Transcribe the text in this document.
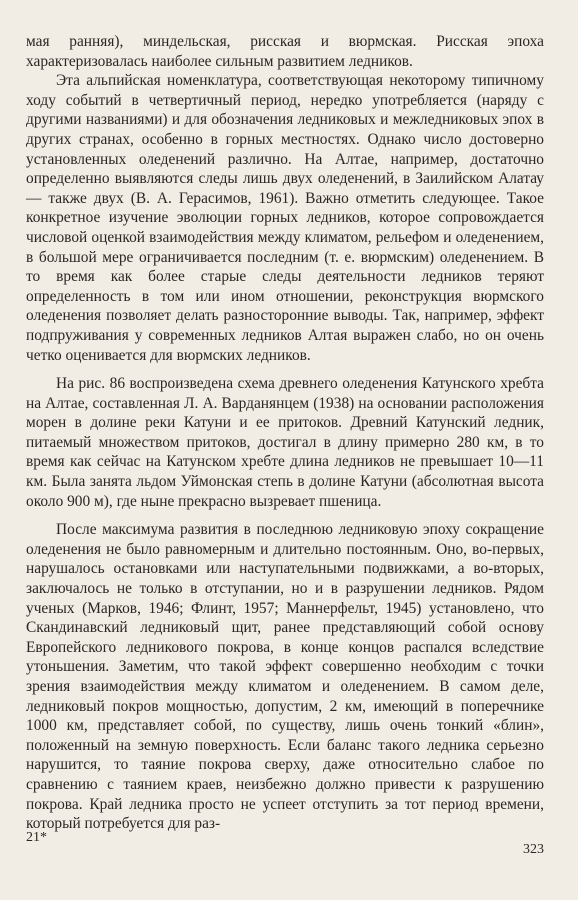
мая ранняя), миндельская, рисская и вюрмская. Рисская эпоха характеризовалась наиболее сильным развитием ледников.

Эта альпийская номенклатура, соответствующая некоторому типичному ходу событий в четвертичный период, нередко употребляется (наряду с другими названиями) и для обозначения ледниковых и межледниковых эпох в других странах, особенно в горных местностях. Однако число достоверно установленных оледенений различно. На Алтае, например, достаточно определенно выявляются следы лишь двух оледенений, в Заилийском Алатау — также двух (В. А. Герасимов, 1961). Важно отметить следующее. Такое конкретное изучение эволюции горных ледников, которое сопровождается числовой оценкой взаимодействия между климатом, рельефом и оледенением, в большой мере ограничивается последним (т. е. вюрмским) оледенением. В то время как более старые следы деятельности ледников теряют определенность в том или ином отношении, реконструкция вюрмского оледенения позволяет делать разносторонние выводы. Так, например, эффект подпруживания у современных ледников Алтая выражен слабо, но он очень четко оценивается для вюрмских ледников.

На рис. 86 воспроизведена схема древнего оледенения Катунского хребта на Алтае, составленная Л. А. Варданянцем (1938) на основании расположения морен в долине реки Катуни и ее притоков. Древний Катунский ледник, питаемый множеством притоков, достигал в длину примерно 280 км, в то время как сейчас на Катунском хребте длина ледников не превышает 10—11 км. Была занята льдом Уймонская степь в долине Катуни (абсолютная высота около 900 м), где ныне прекрасно вызревает пшеница.

После максимума развития в последнюю ледниковую эпоху сокращение оледенения не было равномерным и длительно постоянным. Оно, во-первых, нарушалось остановками или наступательными подвижками, а во-вторых, заключалось не только в отступании, но и в разрушении ледников. Рядом ученых (Марков, 1946; Флинт, 1957; Маннерфельт, 1945) установлено, что Скандинавский ледниковый щит, ранее представляющий собой основу Европейского ледникового покрова, в конце концов распался вследствие утоньшения. Заметим, что такой эффект совершенно необходим с точки зрения взаимодействия между климатом и оледенением. В самом деле, ледниковый покров мощностью, допустим, 2 км, имеющий в поперечнике 1000 км, представляет собой, по существу, лишь очень тонкий «блин», положенный на земную поверхность. Если баланс такого ледника серьезно нарушится, то таяние покрова сверху, даже относительно слабое по сравнению с таянием краев, неизбежно должно привести к разрушению покрова. Край ледника просто не успеет отступить за тот период времени, который потребуется для раз-

21*
323
